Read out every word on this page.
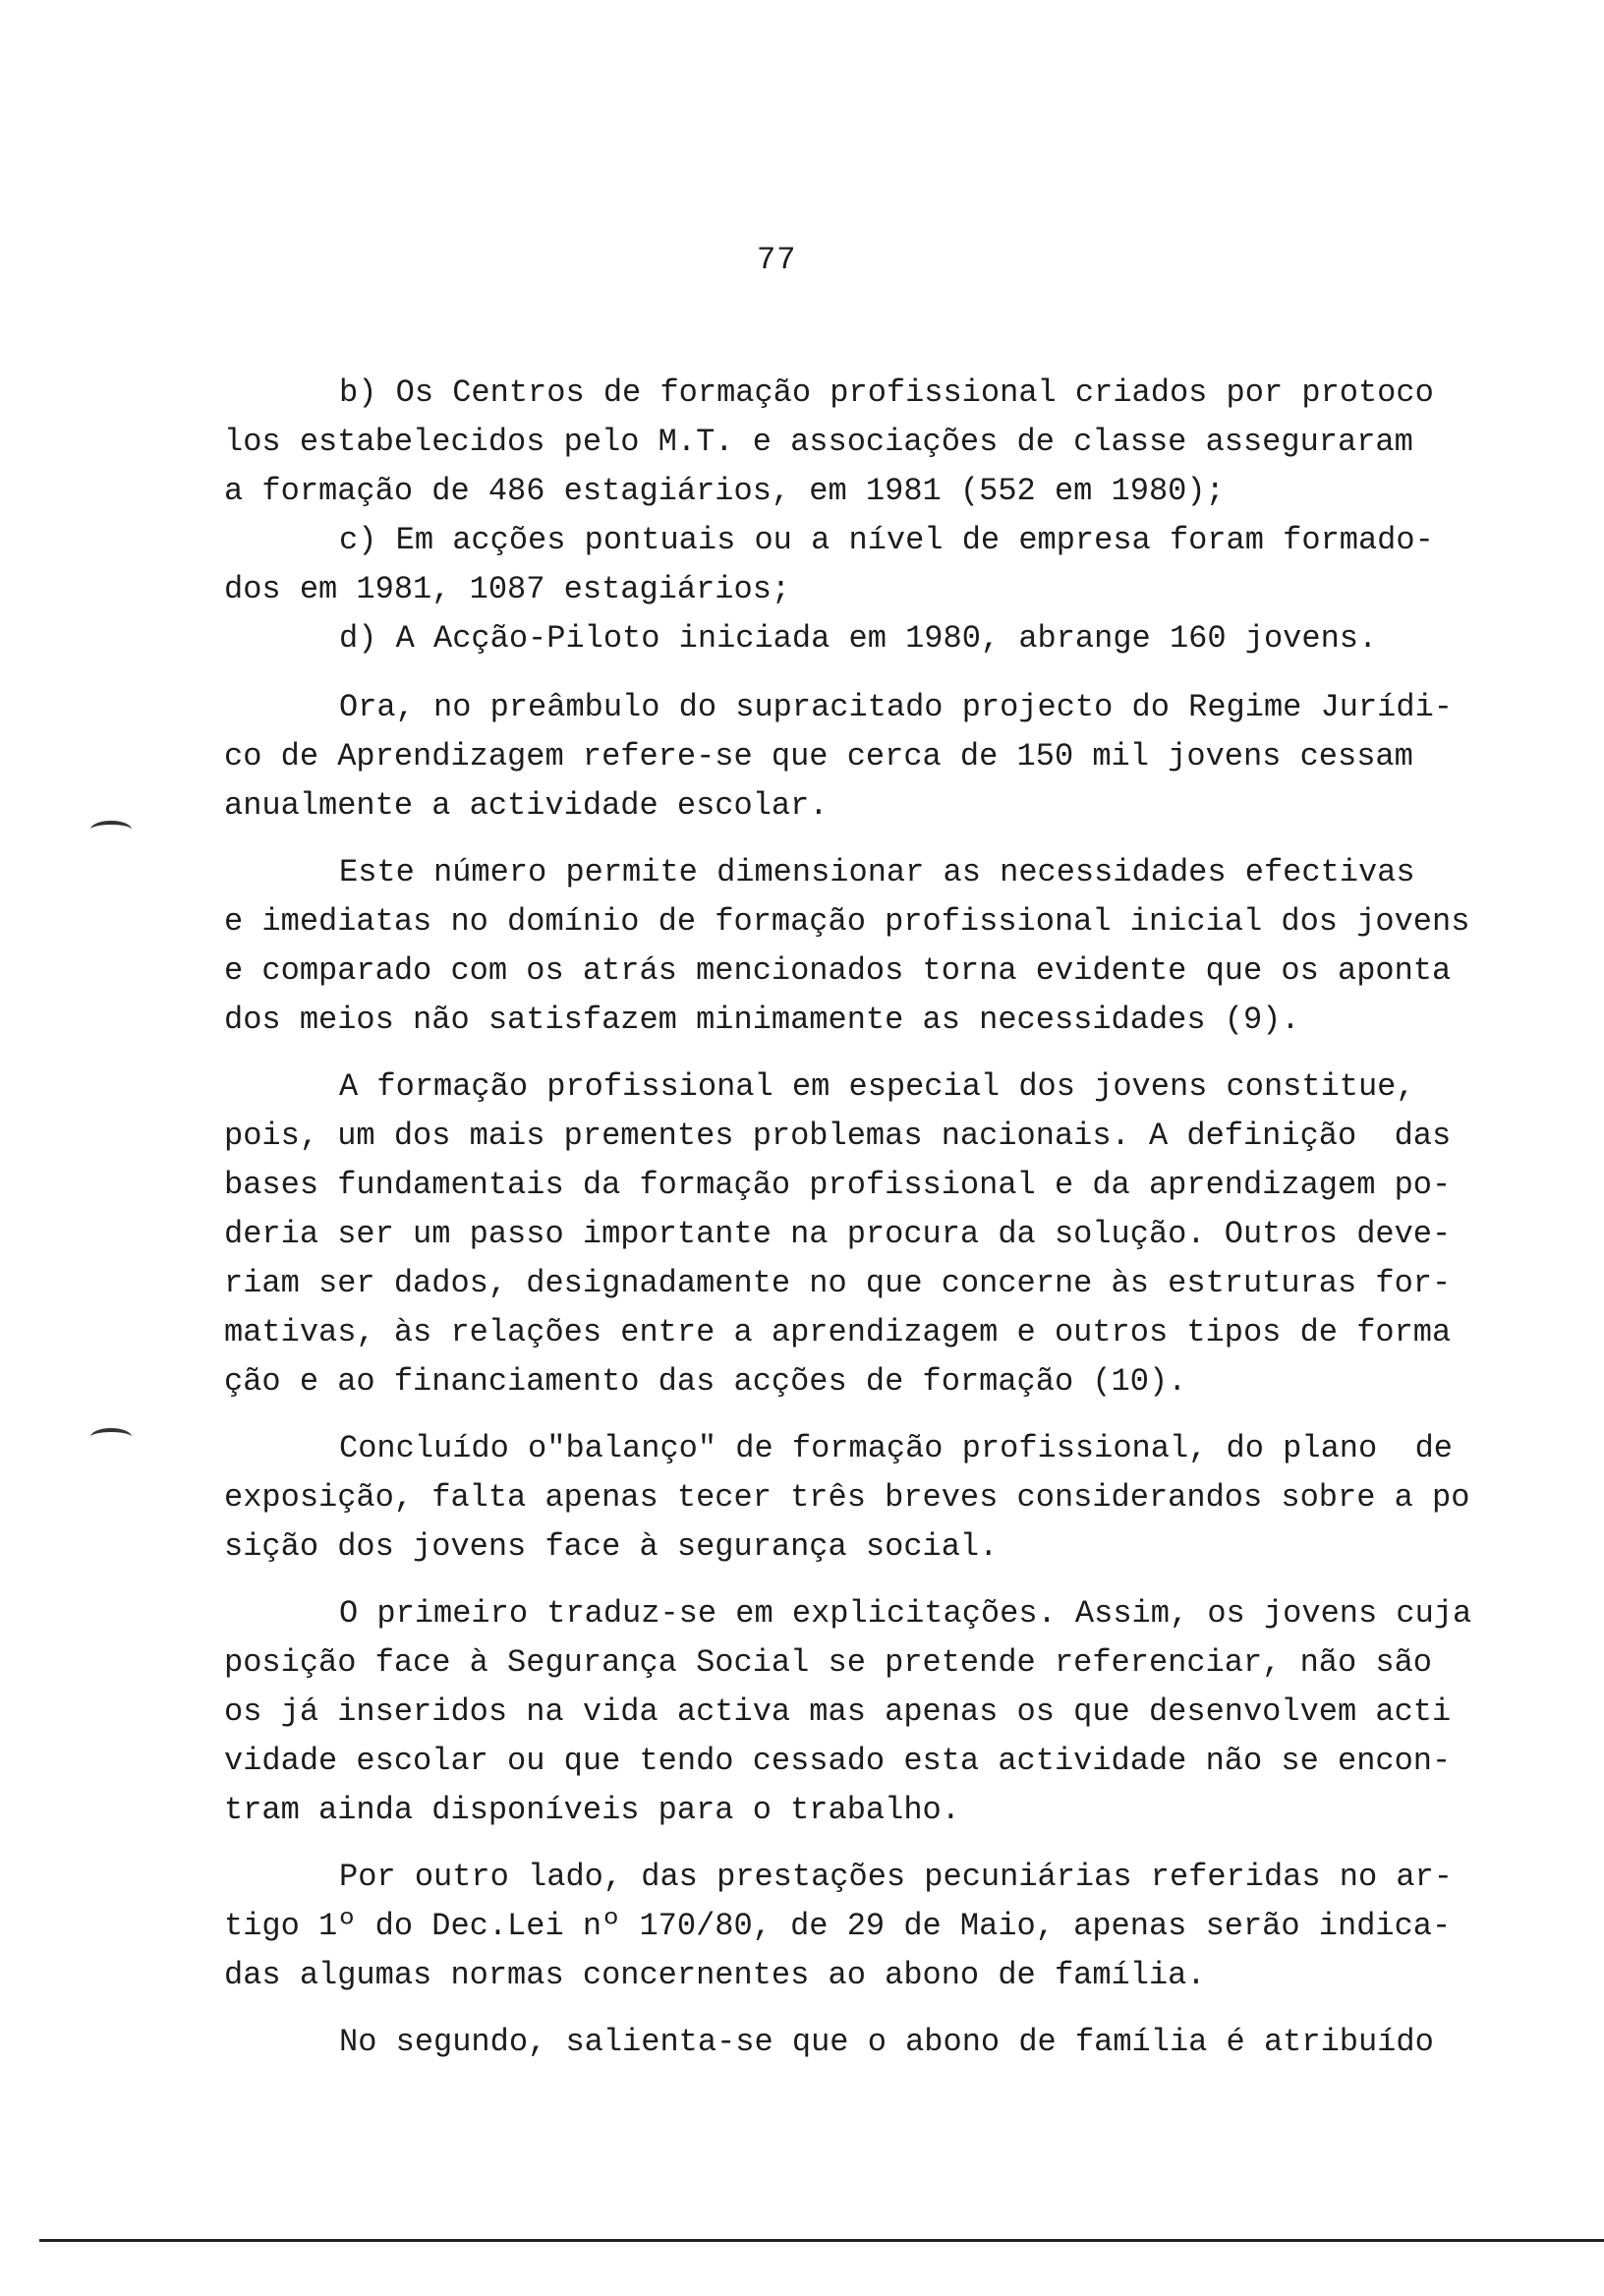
77
b) Os Centros de formação profissional criados por protoco
los estabelecidos pelo M.T. e associações de classe asseguraram
a formação de 486 estagiários, em 1981 (552 em 1980);
c) Em acções pontuais ou a nível de empresa foram formado-
dos em 1981, 1087 estagiários;
d) A Acção-Piloto iniciada em 1980, abrange 160 jovens.
Ora, no preâmbulo do supracitado projecto do Regime Jurídi-
co de Aprendizagem refere-se que cerca de 150 mil jovens cessam
anualmente a actividade escolar.
Este número permite dimensionar as necessidades efectivas
e imediatas no domínio de formação profissional inicial dos jovens
e comparado com os atrás mencionados torna evidente que os aponta
dos meios não satisfazem minimamente as necessidades (9).
A formação profissional em especial dos jovens constitue,
pois, um dos mais prementes problemas nacionais. A definição  das
bases fundamentais da formação profissional e da aprendizagem po-
deria ser um passo importante na procura da solução. Outros deve-
riam ser dados, designadamente no que concerne às estruturas for-
mativas, às relações entre a aprendizagem e outros tipos de forma
ção e ao financiamento das acções de formação (10).
Concluído o"balanço" de formação profissional, do plano  de
exposição, falta apenas tecer três breves considerandos sobre a po
sição dos jovens face à segurança social.
O primeiro traduz-se em explicitações. Assim, os jovens cuja
posição face à Segurança Social se pretende referenciar, não são
os já inseridos na vida activa mas apenas os que desenvolvem acti
vidade escolar ou que tendo cessado esta actividade não se encon-
tram ainda disponíveis para o trabalho.
Por outro lado, das prestações pecuniárias referidas no ar-
tigo 1º do Dec.Lei nº 170/80, de 29 de Maio, apenas serão indica-
das algumas normas concernentes ao abono de família.
No segundo, salienta-se que o abono de família é atribuído
